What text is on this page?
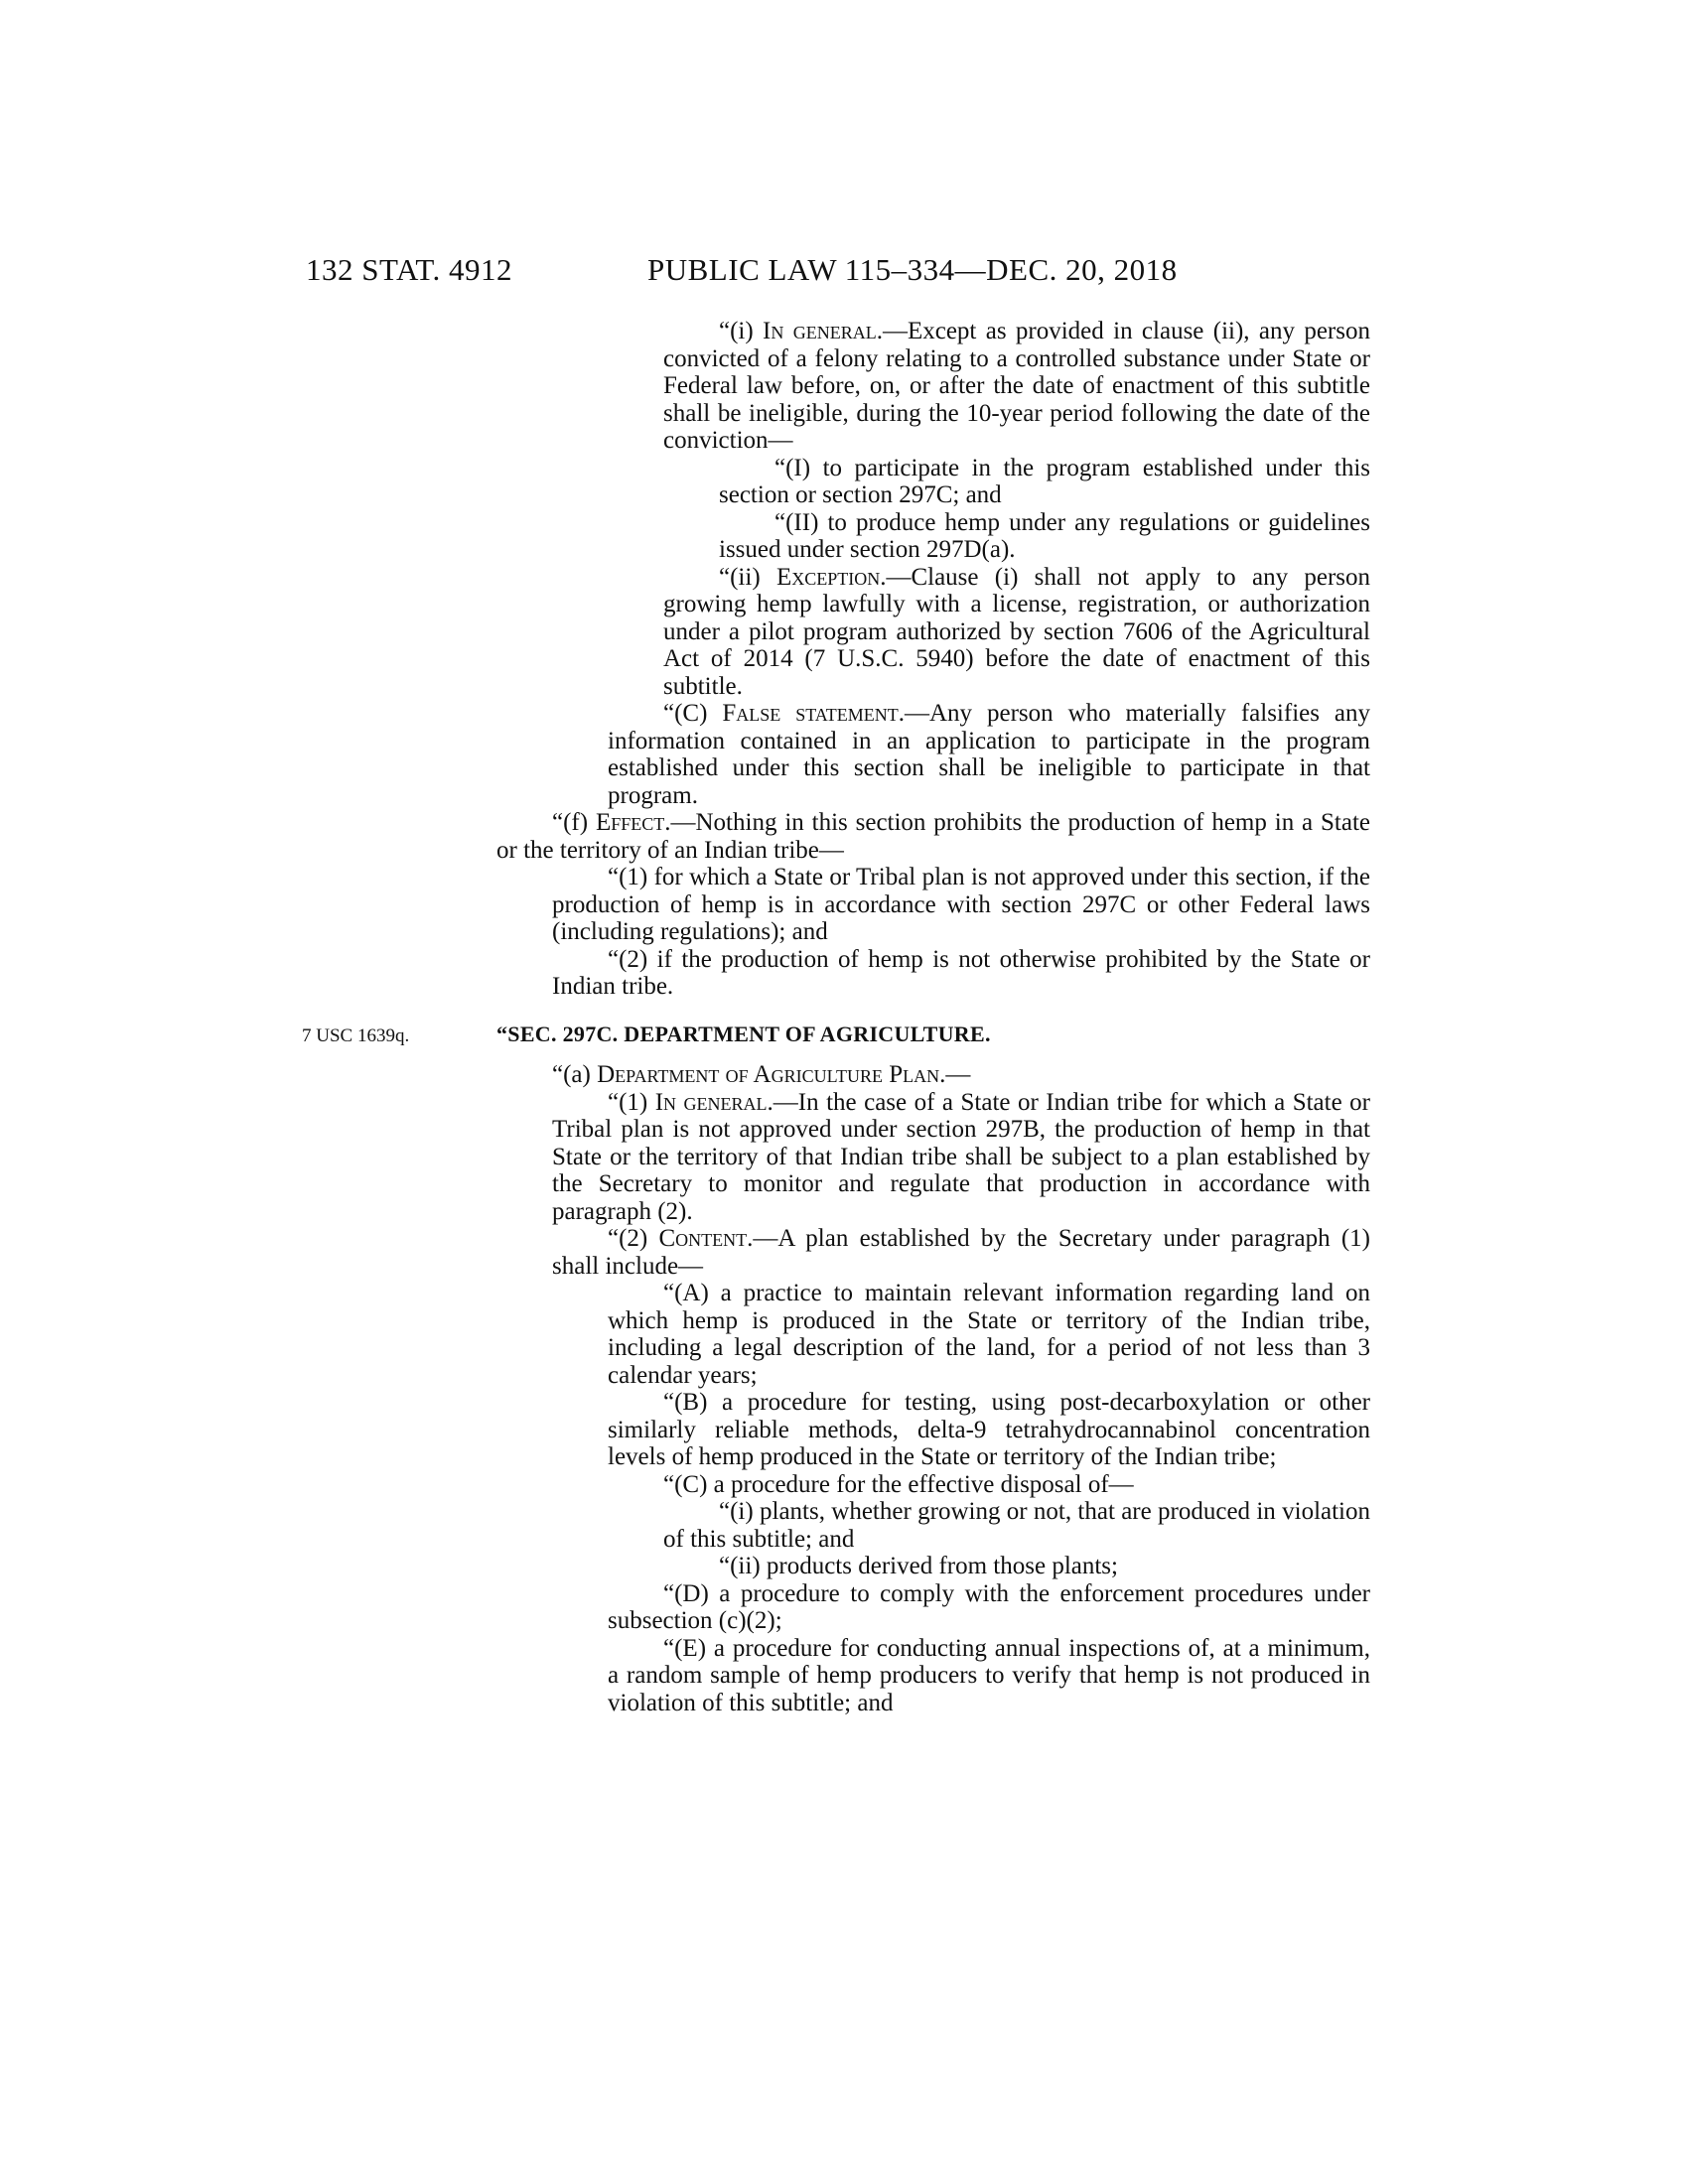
132 STAT. 4912	PUBLIC LAW 115–334—DEC. 20, 2018

“(i) In general.—Except as provided in clause (ii), any person convicted of a felony relating to a controlled substance under State or Federal law before, on, or after the date of enactment of this subtitle shall be ineligible, during the 10-year period following the date of the conviction—

“(I) to participate in the program established under this section or section 297C; and

“(II) to produce hemp under any regulations or guidelines issued under section 297D(a).

“(ii) Exception.—Clause (i) shall not apply to any person growing hemp lawfully with a license, registration, or authorization under a pilot program authorized by section 7606 of the Agricultural Act of 2014 (7 U.S.C. 5940) before the date of enactment of this subtitle.

“(C) False statement.—Any person who materially falsifies any information contained in an application to participate in the program established under this section shall be ineligible to participate in that program.

“(f) Effect.—Nothing in this section prohibits the production of hemp in a State or the territory of an Indian tribe—

“(1) for which a State or Tribal plan is not approved under this section, if the production of hemp is in accordance with section 297C or other Federal laws (including regulations); and

“(2) if the production of hemp is not otherwise prohibited by the State or Indian tribe.

7 USC 1639q.	“SEC. 297C. DEPARTMENT OF AGRICULTURE.

“(a) Department of Agriculture Plan.—

“(1) In general.—In the case of a State or Indian tribe for which a State or Tribal plan is not approved under section 297B, the production of hemp in that State or the territory of that Indian tribe shall be subject to a plan established by the Secretary to monitor and regulate that production in accordance with paragraph (2).

“(2) Content.—A plan established by the Secretary under paragraph (1) shall include—

“(A) a practice to maintain relevant information regarding land on which hemp is produced in the State or territory of the Indian tribe, including a legal description of the land, for a period of not less than 3 calendar years;

“(B) a procedure for testing, using post-decarboxylation or other similarly reliable methods, delta-9 tetrahydrocannabinol concentration levels of hemp produced in the State or territory of the Indian tribe;

“(C) a procedure for the effective disposal of—

“(i) plants, whether growing or not, that are produced in violation of this subtitle; and

“(ii) products derived from those plants;

“(D) a procedure to comply with the enforcement procedures under subsection (c)(2);

“(E) a procedure for conducting annual inspections of, at a minimum, a random sample of hemp producers to verify that hemp is not produced in violation of this subtitle; and
